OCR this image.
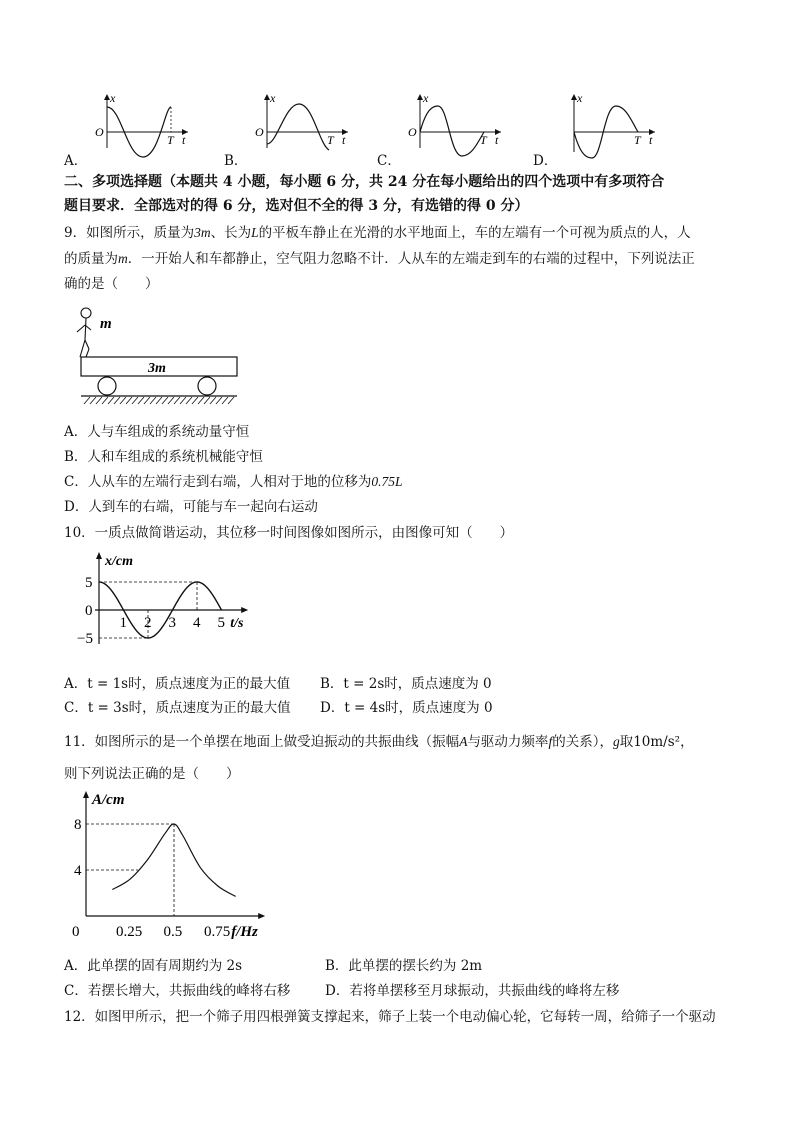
x
O
T t
A．
x
O
T t
B．
x
O
T t
C．
x
T t
D．
二、多项选择题（本题共 4 小题，每小题 6 分，共 24 分在每小题给出的四个选项中有多项符合
题目要求．全部选对的得 6 分，选对但不全的得 3 分，有选错的得 0 分）
9．如图所示，质量为3m、长为L的平板车静止在光滑的水平地面上，车的左端有一个可视为质点的人，人
的质量为m．一开始人和车都静止，空气阻力忽略不计．人从车的左端走到车的右端的过程中，下列说法正
确的是（　　）
m
3m
A．人与车组成的系统动量守恒
B．人和车组成的系统机械能守恒
C．人从车的左端行走到右端，人相对于地的位移为0.75L
D．人到车的右端，可能与车一起向右运动
10．一质点做简谐运动，其位移一时间图像如图所示，由图像可知（　　）
1 2 3 4 5
5
0
−5
t/s
x/cm
A．t = 1s时，质点速度为正的最大值 B．t = 2s时，质点速度为 0
C．t = 3s时，质点速度为正的最大值 D．t = 4s时，质点速度为 0
11．如图所示的是一个单摆在地面上做受迫振动的共振曲线（振幅A与驱动力频率f的关系），g取10m/s²，
则下列说法正确的是（　　）
0 0.25 0.5 0.75
4
8
f/Hz
A/cm
A．此单摆的固有周期约为 2s	B．此单摆的摆长约为 2m
C．若摆长增大，共振曲线的峰将右移	D．若将单摆移至月球振动，共振曲线的峰将左移
12．如图甲所示，把一个筛子用四根弹簧支撑起来，筛子上装一个电动偏心轮，它每转一周，给筛子一个驱动
